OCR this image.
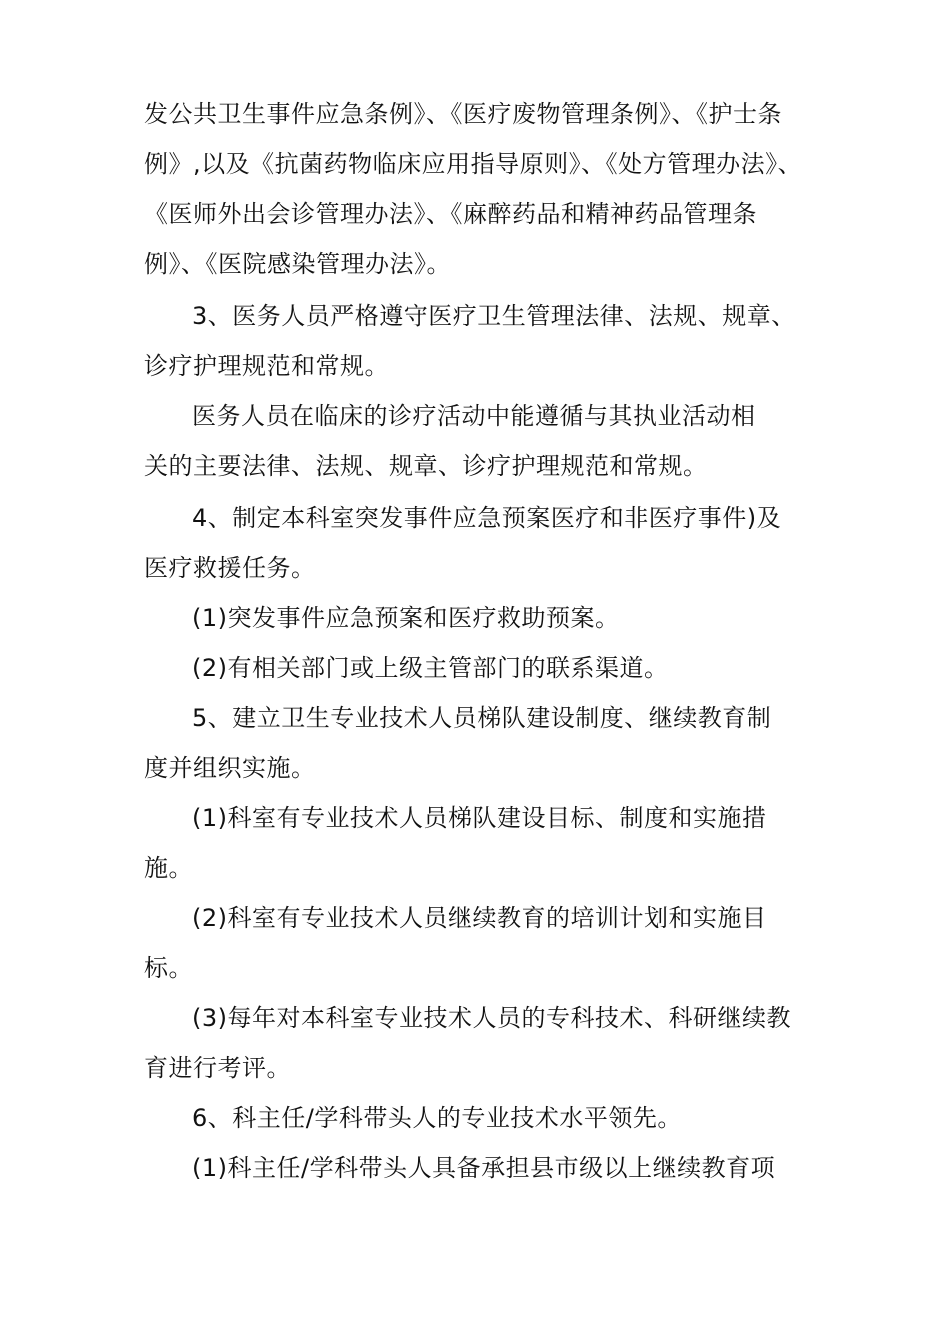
发公共卫生事件应急条例》、《医疗废物管理条例》、《护士条
例》,以及《抗菌药物临床应用指导原则》、《处方管理办法》、
《医师外出会诊管理办法》、《麻醉药品和精神药品管理条
例》、《医院感染管理办法》。
3、医务人员严格遵守医疗卫生管理法律、法规、规章、
诊疗护理规范和常规。
医务人员在临床的诊疗活动中能遵循与其执业活动相
关的主要法律、法规、规章、诊疗护理规范和常规。
4、制定本科室突发事件应急预案医疗和非医疗事件)及
医疗救援任务。
(1)突发事件应急预案和医疗救助预案。
(2)有相关部门或上级主管部门的联系渠道。
5、建立卫生专业技术人员梯队建设制度、继续教育制
度并组织实施。
(1)科室有专业技术人员梯队建设目标、制度和实施措
施。
(2)科室有专业技术人员继续教育的培训计划和实施目
标。
(3)每年对本科室专业技术人员的专科技术、科研继续教
育进行考评。
6、科主任/学科带头人的专业技术水平领先。
(1)科主任/学科带头人具备承担县市级以上继续教育项
